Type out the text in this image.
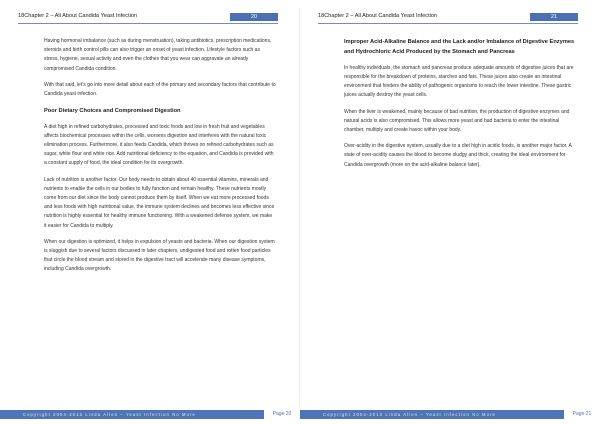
18Chapter 2 – All About Candida Yeast Infection	20

Having hormonal imbalance (such as during menstruation), taking antibiotics, prescription medications, steroids and birth control pills can also trigger an onset of yeast infection. Lifestyle factors such as stress, hygiene, sexual activity and even the clothes that you wear can aggravate an already compromised Candida condition.

With that said, let's go into more detail about each of the primary and secondary factors that contribute to Candida yeast infection.

Poor Dietary Choices and Compromised Digestion

A diet high in refined carbohydrates, processed and toxic foods and low in fresh fruit and vegetables affects biochemical processes within the cells, worsens digestion and interferes with the natural toxic elimination process. Furthermore, it also feeds Candida, which thrives on refined carbohydrates such as sugar, white flour and white rice. Add nutritional deficiency to the equation, and Candida is provided with a constant supply of food, the ideal condition for its overgrowth.

Lack of nutrition is another factor. Our body needs to obtain about 40 essential vitamins, minerals and nutrients to enable the cells in our bodies to fully function and remain healthy. These nutrients mostly come from our diet since the body cannot produce them by itself. When we eat more processed foods and less foods with high nutritional value, the immune system declines and becomes less effective since nutrition is highly essential for healthy immune functioning. With a weakened defense system, we make it easier for Candida to multiply.

When our digestion is optimized, it helps in expulsion of yeasts and bacteria. When our digestion system is sluggish due to several factors discussed in later chapters, undigested food and rotten food particles that circle the blood stream and stored in the digestive tract will accelerate many disease symptoms, including Candida overgrowth.

Copyright 2004-2013 Linda Allen – Yeast Infection No More	Page 20
18Chapter 2 – All About Candida Yeast Infection	21
Improper Acid-Alkaline Balance and the Lack and/or Imbalance of Digestive Enzymes and Hydrochloric Acid Produced by the Stomach and Pancreas

In healthy individuals, the stomach and pancreas produce adequate amounts of digestive juices that are responsible for the breakdown of proteins, starches and fats. These juices also create an intestinal environment that hinders the ability of pathogenic organisms to reach the lower intestine. These gastric juices actually destroy the yeast cells.

When the liver is weakened, mainly because of bad nutrition, the production of digestive enzymes and natural acids is also compromised. This allows more yeast and bad bacteria to enter the intestinal chamber, multiply and create havoc within your body.

Over-acidity in the digestive system, usually due to a diet high in acidic foods, is another major factor. A state of over-acidity causes the blood to become sludgy and thick, creating the ideal environment for Candida overgrowth (more on the acid-alkaline balance later).

Copyright 2004-2013 Linda Allen – Yeast Infection No More	Page 21
